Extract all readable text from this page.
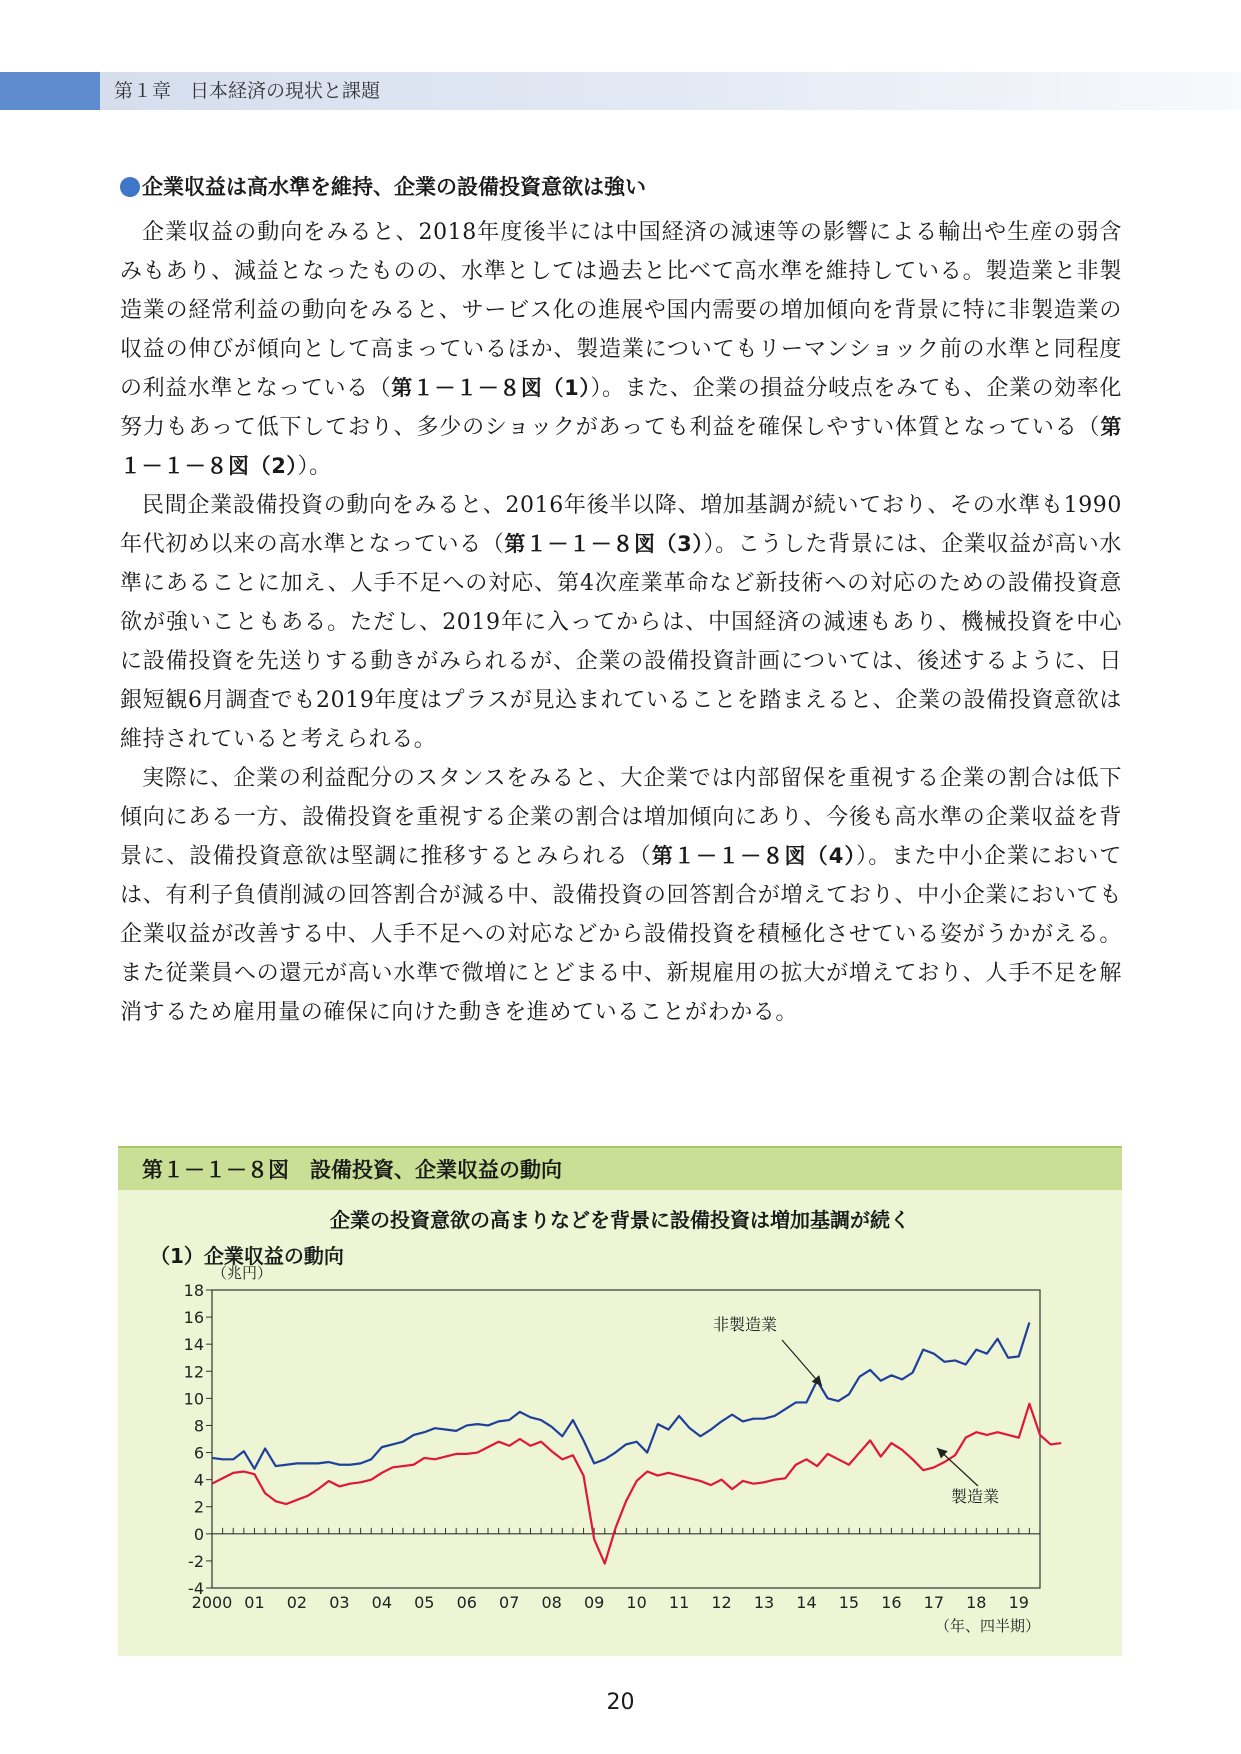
第１章　日本経済の現状と課題
企業収益は高水準を維持、企業の設備投資意欲は強い

企業収益の動向をみると、2018年度後半には中国経済の減速等の影響による輸出や生産の弱含みもあり、減益となったものの、水準としては過去と比べて高水準を維持している。製造業と非製造業の経常利益の動向をみると、サービス化の進展や国内需要の増加傾向を背景に特に非製造業の収益の伸びが傾向として高まっているほか、製造業についてもリーマンショック前の水準と同程度の利益水準となっている（第１－１－８図（1））。また、企業の損益分岐点をみても、企業の効率化努力もあって低下しており、多少のショックがあっても利益を確保しやすい体質となっている（第１－１－８図（2））。

民間企業設備投資の動向をみると、2016年後半以降、増加基調が続いており、その水準も1990年代初め以来の高水準となっている（第１－１－８図（3））。こうした背景には、企業収益が高い水準にあることに加え、人手不足への対応、第4次産業革命など新技術への対応のための設備投資意欲が強いこともある。ただし、2019年に入ってからは、中国経済の減速もあり、機械投資を中心に設備投資を先送りする動きがみられるが、企業の設備投資計画については、後述するように、日銀短観6月調査でも2019年度はプラスが見込まれていることを踏まえると、企業の設備投資意欲は維持されていると考えられる。

実際に、企業の利益配分のスタンスをみると、大企業では内部留保を重視する企業の割合は低下傾向にある一方、設備投資を重視する企業の割合は増加傾向にあり、今後も高水準の企業収益を背景に、設備投資意欲は堅調に推移するとみられる（第１－１－８図（4））。また中小企業においては、有利子負債削減の回答割合が減る中、設備投資の回答割合が増えており、中小企業においても企業収益が改善する中、人手不足への対応などから設備投資を積極化させている姿がうかがえる。また従業員への還元が高い水準で微増にとどまる中、新規雇用の拡大が増えており、人手不足を解消するため雇用量の確保に向けた動きを進めていることがわかる。

第１－１－８図　設備投資、企業収益の動向
企業の投資意欲の高まりなどを背景に設備投資は増加基調が続く
（1）企業収益の動向
-4
-2
0
2
4
6
8
10
12
14
16
18
2000 01 02 03 04 05 06 07 08 09 10 11 12 13 14 15 16 17 18 19
非製造業
製造業
（兆円）
（年、四半期）
20
